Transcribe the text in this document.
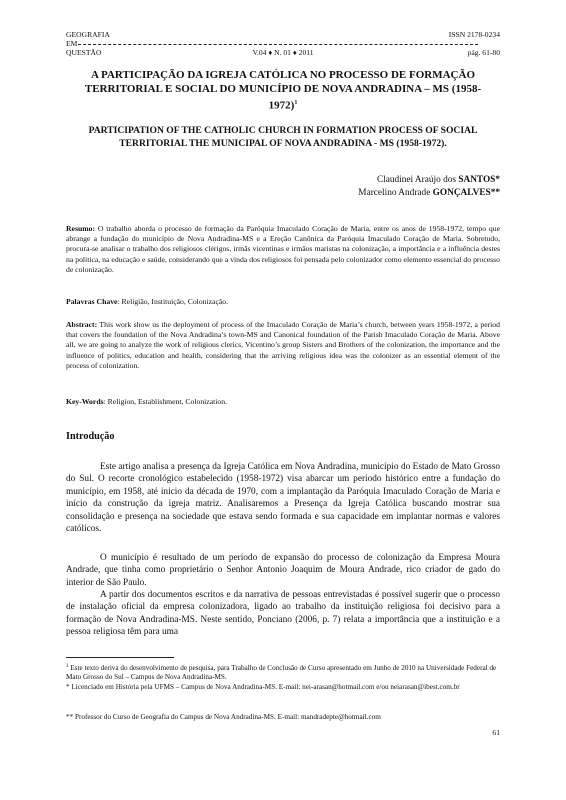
GEOGRAFIA	ISSN 2178-0234
EM
QUESTÃO	V.04 ♦ N. 01 ♦ 2011	pág. 61-80
A PARTICIPAÇÃO DA IGREJA CATÓLICA NO PROCESSO DE FORMAÇÃO TERRITORIAL E SOCIAL DO MUNICÍPIO DE NOVA ANDRADINA – MS (1958-1972)$^1$
PARTICIPATION OF THE CATHOLIC CHURCH IN FORMATION PROCESS OF SOCIAL TERRITORIAL THE MUNICIPAL OF NOVA ANDRADINA - MS (1958-1972).
Claudinei Araújo dos SANTOS*
Marcelino Andrade GONÇALVES**
Resumo: O trabalho aborda o processo de formação da Paróquia Imaculado Coração de Maria, entre os anos de 1958-1972, tempo que abrange a fundação do município de Nova Andradina-MS e a Ereção Canônica da Paróquia Imaculado Coração de Maria. Sobretudo, procura-se analisar o trabalho dos religiosos clérigos, irmãs vicentinas e irmãos maristas na colonização, a importância e a influência destes na política, na educação e saúde, considerando que a vinda dos religiosos foi pensada pelo colonizador como elemento essencial do processo de colonização.
Palavras Chave: Religião, Instituição, Colonização.
Abstract: This work show us the deployment of process of the Imaculado Coração de Maria’s church, between years 1958-1972, a period that covers the foundation of the Nova Andradina’s town-MS and Canonical foundation of the Parish Imaculado Coração de Maria. Above all, we are going to analyze the work of religious clerics, Vicentino’s group Sisters and Brothers of the colonization, the importance and the influence of politics, education and health, considering that the arriving religious idea was the colonizer as an essential element of the process of colonization.
Key-Words: Religion, Establishment, Colonization.
Introdução
Este artigo analisa a presença da Igreja Católica em Nova Andradina, município do Estado de Mato Grosso do Sul. O recorte cronológico estabelecido (1958-1972) visa abarcar um período histórico entre a fundação do município, em 1958, até inicio da década de 1970, com a implantação da Paróquia Imaculado Coração de Maria e início da construção da igreja matriz. Analisaremos a Presença da Igreja Católica buscando mostrar sua consolidação e presença na sociedade que estava sendo formada e sua capacidade em implantar normas e valores católicos.
O município é resultado de um período de expansão do processo de colonização da Empresa Moura Andrade, que tinha como proprietário o Senhor Antonio Joaquim de Moura Andrade, rico criador de gado do interior de São Paulo.
A partir dos documentos escritos e da narrativa de pessoas entrevistadas é possível sugerir que o processo de instalação oficial da empresa colonizadora, ligado ao trabalho da instituição religiosa foi decisivo para a formação de Nova Andradina-MS. Neste sentido, Ponciano (2006, p. 7) relata a importância que a instituição e a pessoa religiosa têm para uma
$^1$ Este texto deriva do desenvolvimento de pesquisa, para Trabalho de Conclusão de Curso apresentado em Junho de 2010 na Universidade Federal de Mato Grosso do Sul – Campus de Nova Andradina-MS.
* Licenciado em História pela UFMS – Campus de Nova Andradina-MS. E-mail: nei-arasan@hotmail.com e/ou neiarasan@ibest.com.br
** Professor do Curso de Geografia do Campus de Nova Andradina-MS. E-mail: mandradepte@hotmail.com
61
